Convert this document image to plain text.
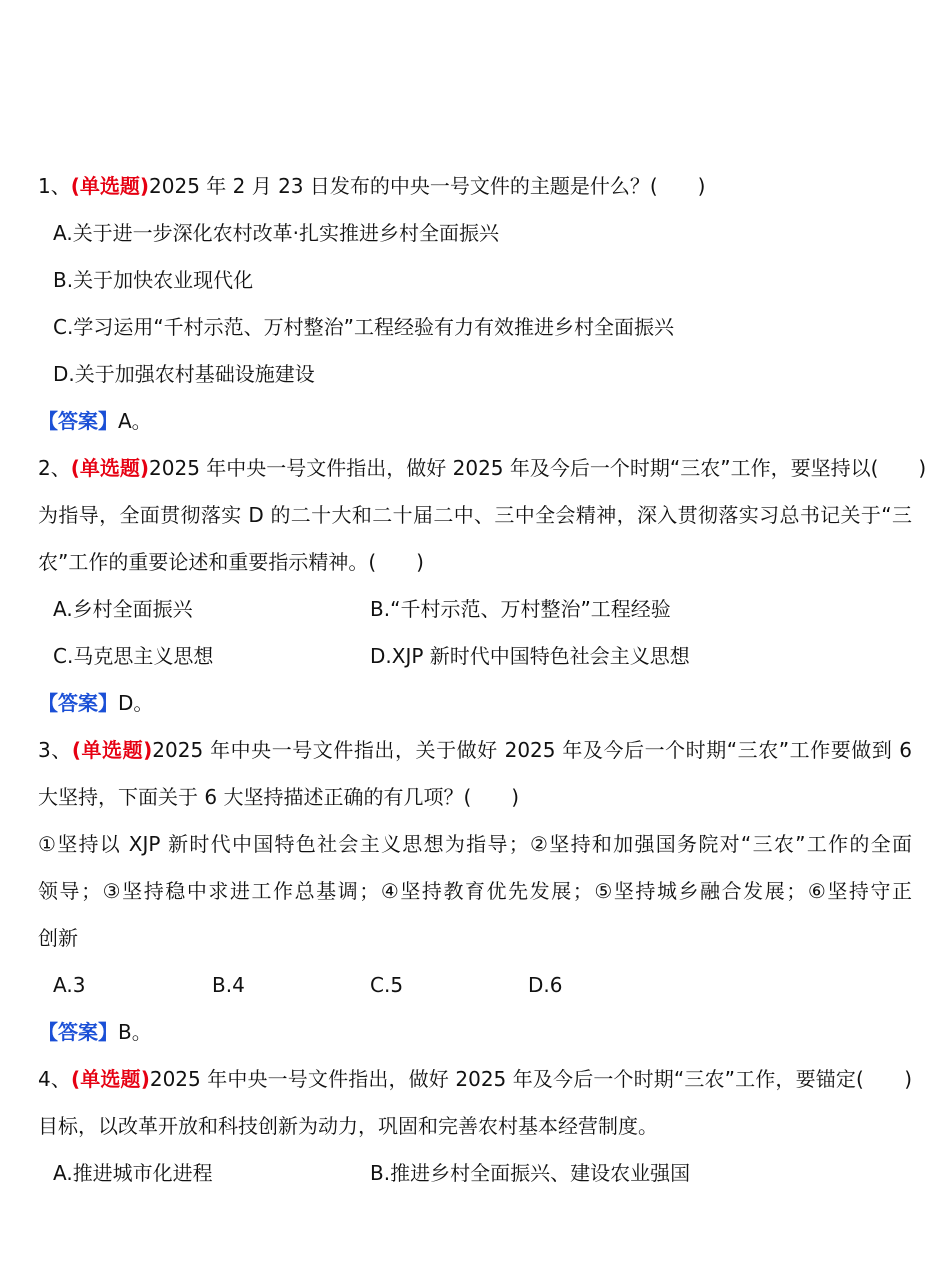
1、(单选题)2025 年 2 月 23 日发布的中央一号文件的主题是什么？(　　)
A.关于进一步深化农村改革·扎实推进乡村全面振兴
B.关于加快农业现代化
C.学习运用“千村示范、万村整治”工程经验有力有效推进乡村全面振兴
D.关于加强农村基础设施建设
【答案】A。
2、(单选题)2025 年中央一号文件指出，做好 2025 年及今后一个时期“三农”工作，要坚持以(　　)
为指导，全面贯彻落实 D 的二十大和二十届二中、三中全会精神，深入贯彻落实习总书记关于“三
农”工作的重要论述和重要指示精神。(　　)
A.乡村全面振兴	B.“千村示范、万村整治”工程经验
C.马克思主义思想	D.XJP 新时代中国特色社会主义思想
【答案】D。
3、(单选题)2025 年中央一号文件指出，关于做好 2025 年及今后一个时期“三农”工作要做到 6
大坚持，下面关于 6 大坚持描述正确的有几项？(　　)
①坚持以 XJP 新时代中国特色社会主义思想为指导；②坚持和加强国务院对“三农”工作的全面
领导；③坚持稳中求进工作总基调；④坚持教育优先发展；⑤坚持城乡融合发展；⑥坚持守正
创新
A.3	B.4	C.5	D.6
【答案】B。
4、(单选题)2025 年中央一号文件指出，做好 2025 年及今后一个时期“三农”工作，要锚定(　　)
目标，以改革开放和科技创新为动力，巩固和完善农村基本经营制度。
A.推进城市化进程	B.推进乡村全面振兴、建设农业强国
